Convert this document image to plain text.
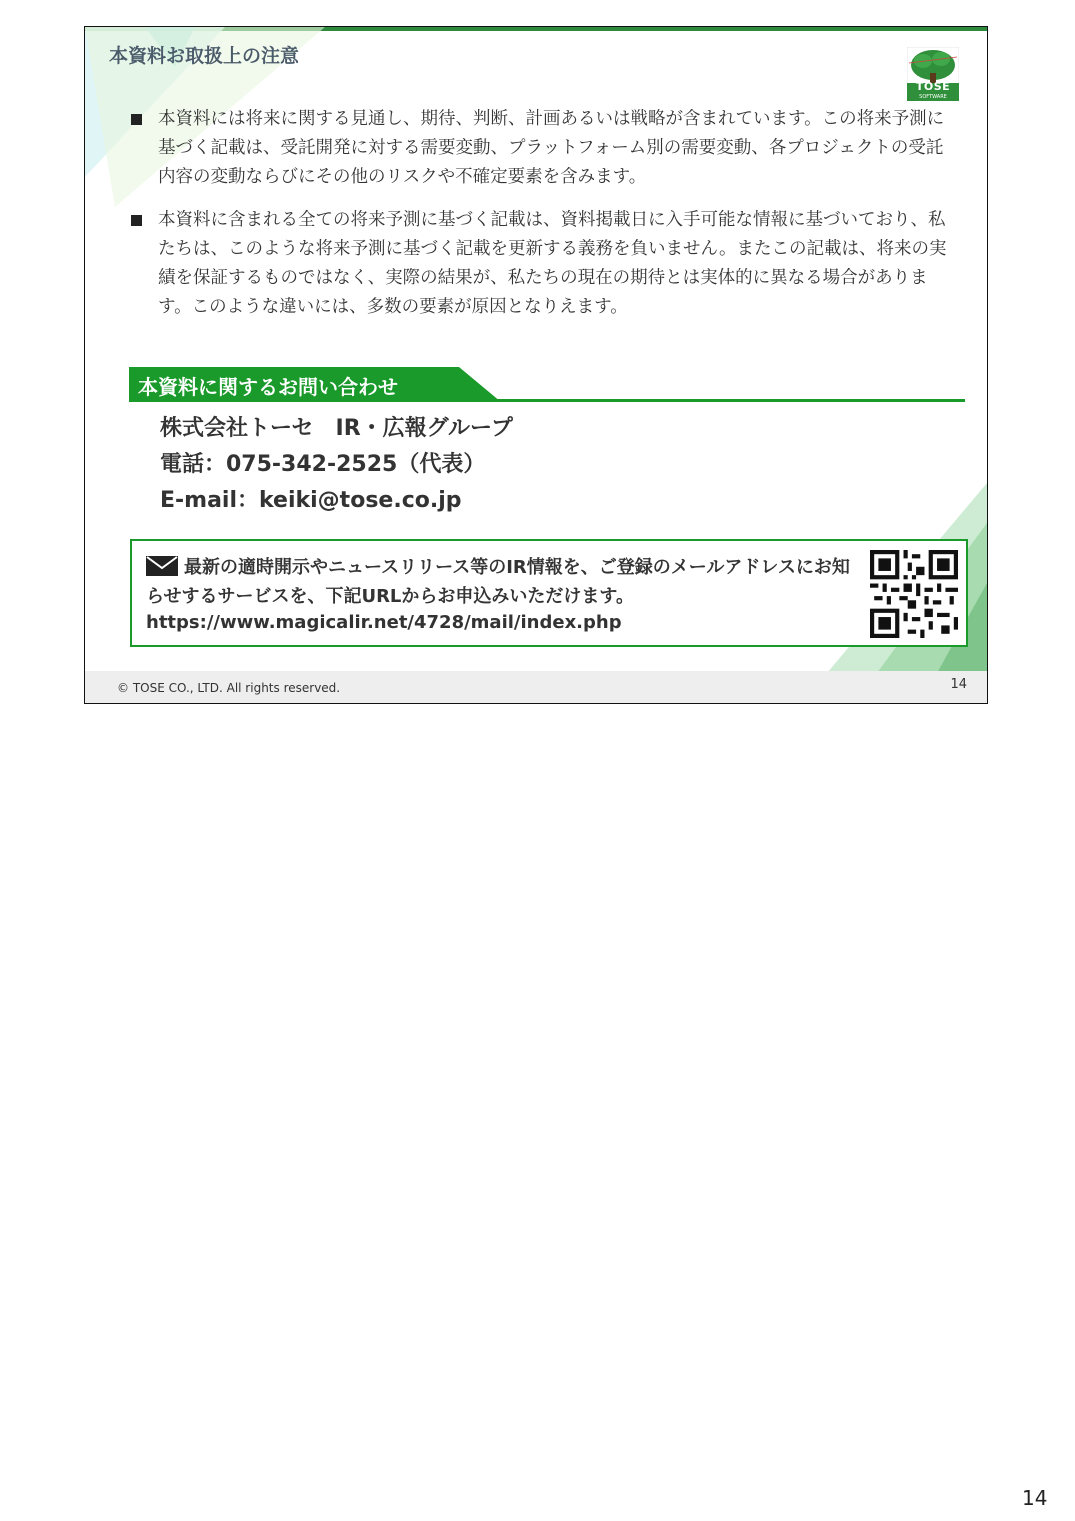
本資料お取扱上の注意
TOSE
SOFTWARE
本資料には将来に関する見通し、期待、判断、計画あるいは戦略が含まれています。この将来予測に基づく記載は、受託開発に対する需要変動、プラットフォーム別の需要変動、各プロジェクトの受託内容の変動ならびにその他のリスクや不確定要素を含みます。
本資料に含まれる全ての将来予測に基づく記載は、資料掲載日に入手可能な情報に基づいており、私たちは、このような将来予測に基づく記載を更新する義務を負いません。またこの記載は、将来の実績を保証するものではなく、実際の結果が、私たちの現在の期待とは実体的に異なる場合があります。このような違いには、多数の要素が原因となりえます。
本資料に関するお問い合わせ
株式会社トーセ　IR・広報グループ
電話：075-342-2525（代表）
E-mail：keiki@tose.co.jp
最新の適時開示やニュースリリース等のIR情報を、ご登録のメールアドレスにお知らせするサービスを、下記URLからお申込みいただけます。
https://www.magicalir.net/4728/mail/index.php
© TOSE CO., LTD. All rights reserved.	14
14
